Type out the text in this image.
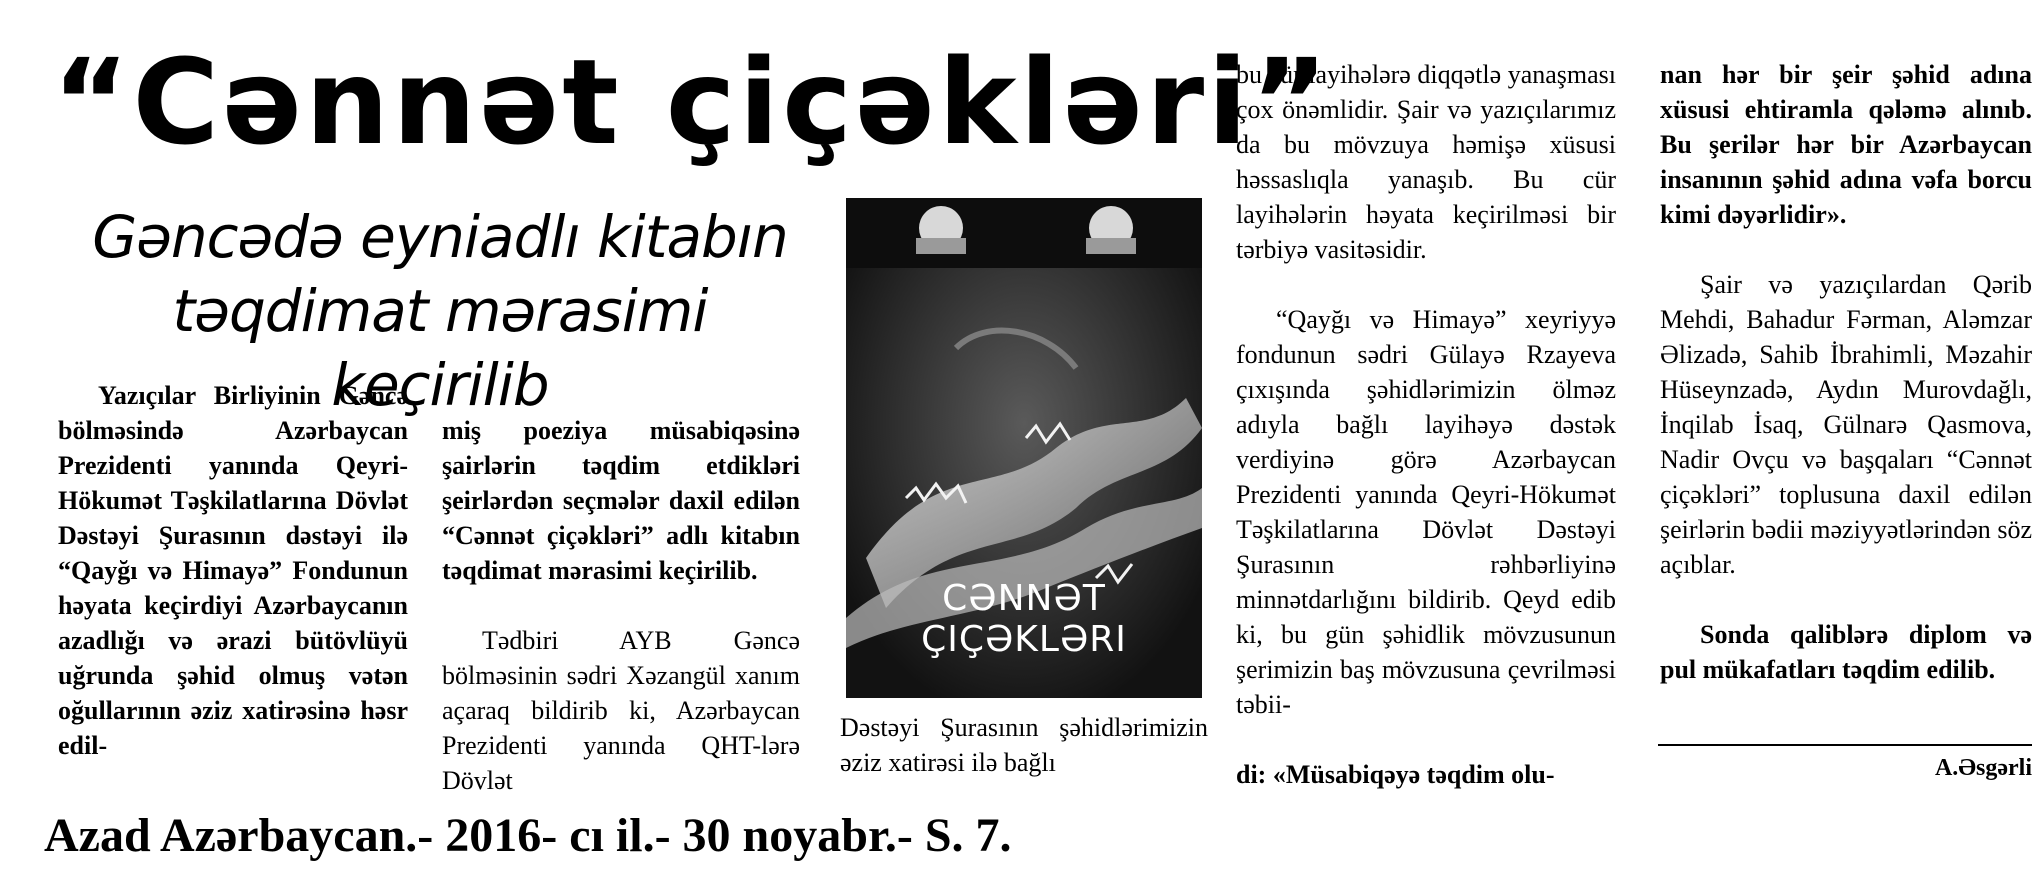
“Cənnət çiçəkləri”
Gəncədə eyniadlı kitabın
təqdimat mərasimi keçirilib
Yazıçılar Birliyinin Gəncə bölməsində Azərbaycan Prezidenti yanında Qeyri-Hökumət Təşkilatlarına Dövlət Dəstəyi Şurasının dəstəyi ilə “Qayğı və Himayə” Fondunun həyata keçirdiyi Azərbaycanın azadlığı və ərazi bütövlüyü uğrunda şəhid olmuş vətən oğullarının əziz xatirəsinə həsr edil-

miş poeziya müsabiqəsinə şairlərin təqdim etdikləri şeirlərdən seçmələr daxil edilən “Cənnət çiçəkləri” adlı kitabın təqdimat mərasimi keçirilib.

Tədbiri AYB Gəncə bölməsinin sədri Xəzangül xanım açaraq bildirib ki, Azərbaycan Prezidenti yanında QHT-lərə Dövlət

CƏNNƏT ÇIÇƏKLƏRI
Dəstəyi Şurasının şəhidlərimizin əziz xatirəsi ilə bağlı

bu cür layihələrə diqqətlə yanaşması çox önəmlidir. Şair və yazıçılarımız da bu mövzuya həmişə xüsusi həssaslıqla yanaşıb. Bu cür layihələrin həyata keçirilməsi bir tərbiyə vasitəsidir.

“Qayğı və Himayə” xeyriyyə fondunun sədri Gülayə Rzayeva çıxışında şəhidlərimizin ölməz adıyla bağlı layihəyə dəstək verdiyinə görə Azərbaycan Prezidenti yanında Qeyri-Hökumət Təşkilatlarına Dövlət Dəstəyi Şurasının rəhbərliyinə minnətdarlığını bildirib. Qeyd edib ki, bu gün şəhidlik mövzusunun şerimizin baş mövzusuna çevrilməsi təbii-

di: «Müsabiqəyə təqdim olu-

nan hər bir şeir şəhid adına xüsusi ehtiramla qələmə alınıb. Bu şerilər hər bir Azərbaycan insanının şəhid adına vəfa borcu kimi dəyərlidir».

Şair və yazıçılardan Qərib Mehdi, Bahadur Fərman, Aləmzar Əlizadə, Sahib İbrahimli, Məzahir Hüseynzadə, Aydın Murovdağlı, İnqilab İsaq, Gülnarə Qasmova, Nadir Ovçu və başqaları “Cənnət çiçəkləri” toplusuna daxil edilən şeirlərin bədii məziyyətlərindən söz açıblar.

Sonda qaliblərə diplom və pul mükafatları təqdim edilib.

A.Əsgərli
Azad Azərbaycan.- 2016- cı il.- 30 noyabr.- S. 7.
